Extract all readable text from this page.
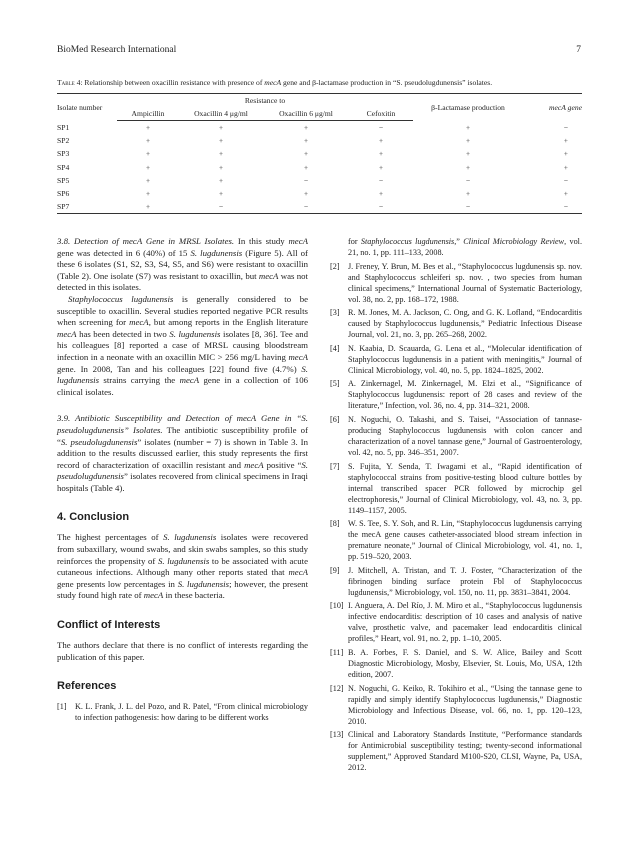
BioMed Research International	7
Table 4: Relationship between oxacillin resistance with presence of mecA gene and β-lactamase production in “S. pseudolugdunensis” isolates.
Isolate number	Resistance to				β-Lactamase production	mecA gene
	Ampicillin	Oxacillin 4 μg/ml	Oxacillin 6 μg/ml	Cefoxitin		
SP1	+	+	+	−	+	−
SP2	+	+	+	+	+	+
SP3	+	+	+	+	+	+
SP4	+	+	+	+	+	+
SP5	+	+	−	−	−	−
SP6	+	+	+	+	+	+
SP7	+	−	−	−	−	−

3.8. Detection of mecA Gene in MRSL Isolates. In this study mecA gene was detected in 6 (40%) of 15 S. lugdunensis (Figure 5). All of these 6 isolates (S1, S2, S3, S4, S5, and S6) were resistant to oxacillin (Table 2). One isolate (S7) was resistant to oxacillin, but mecA was not detected in this isolates.

Staphylococcus lugdunensis is generally considered to be susceptible to oxacillin. Several studies reported negative PCR results when screening for mecA, but among reports in the English literature mecA has been detected in two S. lugdunensis isolates [8, 36]. Tee and his colleagues [8] reported a case of MRSL causing bloodstream infection in a neonate with an oxacillin MIC > 256 mg/L having mecA gene. In 2008, Tan and his colleagues [22] found five (4.7%) S. lugdunensis strains carrying the mecA gene in a collection of 106 clinical isolates.

3.9. Antibiotic Susceptibility and Detection of mecA Gene in “S. pseudolugdunensis” Isolates. The antibiotic susceptibility profile of “S. pseudolugdunensis” isolates (number = 7) is shown in Table 3. In addition to the results discussed earlier, this study represents the first record of characterization of oxacillin resistant and mecA positive “S. pseudolugdunensis” isolates recovered from clinical specimens in Iraqi hospitals (Table 4).

4. Conclusion

The highest percentages of S. lugdunensis isolates were recovered from subaxillary, wound swabs, and skin swabs samples, so this study reinforces the propensity of S. lugdunensis to be associated with acute cutaneous infections. Although many other reports stated that mecA gene presents low percentages in S. lugdunensis; however, the present study found high rate of mecA in these bacteria.

Conflict of Interests

The authors declare that there is no conflict of interests regarding the publication of this paper.

References
[1] K. L. Frank, J. L. del Pozo, and R. Patel, “From clinical microbiology to infection pathogenesis: how daring to be different works
for Staphylococcus lugdunensis,” Clinical Microbiology Review, vol. 21, no. 1, pp. 111–133, 2008.
[2] J. Freney, Y. Brun, M. Bes et al., “Staphylococcus lugdunensis sp. nov. and Staphylococcus schleiferi sp. nov. , two species from human clinical specimens,” International Journal of Systematic Bacteriology, vol. 38, no. 2, pp. 168–172, 1988.
[3] R. M. Jones, M. A. Jackson, C. Ong, and G. K. Lofland, “Endocarditis caused by Staphylococcus lugdunensis,” Pediatric Infectious Disease Journal, vol. 21, no. 3, pp. 265–268, 2002.
[4] N. Kaabia, D. Scauarda, G. Lena et al., “Molecular identification of Staphylococcus lugdunensis in a patient with meningitis,” Journal of Clinical Microbiology, vol. 40, no. 5, pp. 1824–1825, 2002.
[5] A. Zinkernagel, M. Zinkernagel, M. Elzi et al., “Significance of Staphylococcus lugdunensis: report of 28 cases and review of the literature,” Infection, vol. 36, no. 4, pp. 314–321, 2008.
[6] N. Noguchi, O. Takashi, and S. Taisei, “Association of tannase-producing Staphylococcus lugdunensis with colon cancer and characterization of a novel tannase gene,” Journal of Gastroenterology, vol. 42, no. 5, pp. 346–351, 2007.
[7] S. Fujita, Y. Senda, T. Iwagami et al., “Rapid identification of staphylococcal strains from positive-testing blood culture bottles by internal transcribed spacer PCR followed by microchip gel electrophoresis,” Journal of Clinical Microbiology, vol. 43, no. 3, pp. 1149–1157, 2005.
[8] W. S. Tee, S. Y. Soh, and R. Lin, “Staphylococcus lugdunensis carrying the mecA gene causes catheter-associated blood stream infection in premature neonate,” Journal of Clinical Microbiology, vol. 41, no. 1, pp. 519–520, 2003.
[9] J. Mitchell, A. Tristan, and T. J. Foster, “Characterization of the fibrinogen binding surface protein Fbl of Staphylococcus lugdunensis,” Microbiology, vol. 150, no. 11, pp. 3831–3841, 2004.
[10] I. Anguera, A. Del Río, J. M. Miro et al., “Staphylococcus lugdunensis infective endocarditis: description of 10 cases and analysis of native valve, prosthetic valve, and pacemaker lead endocarditis clinical profiles,” Heart, vol. 91, no. 2, pp. 1–10, 2005.
[11] B. A. Forbes, F. S. Daniel, and S. W. Alice, Bailey and Scott Diagnostic Microbiology, Mosby, Elsevier, St. Louis, Mo, USA, 12th edition, 2007.
[12] N. Noguchi, G. Keiko, R. Tokihiro et al., “Using the tannase gene to rapidly and simply identify Staphylococcus lugdunensis,” Diagnostic Microbiology and Infectious Disease, vol. 66, no. 1, pp. 120–123, 2010.
[13] Clinical and Laboratory Standards Institute, “Performance standards for Antimicrobial susceptibility testing; twenty-second informational supplement,” Approved Standard M100-S20, CLSI, Wayne, Pa, USA, 2012.
